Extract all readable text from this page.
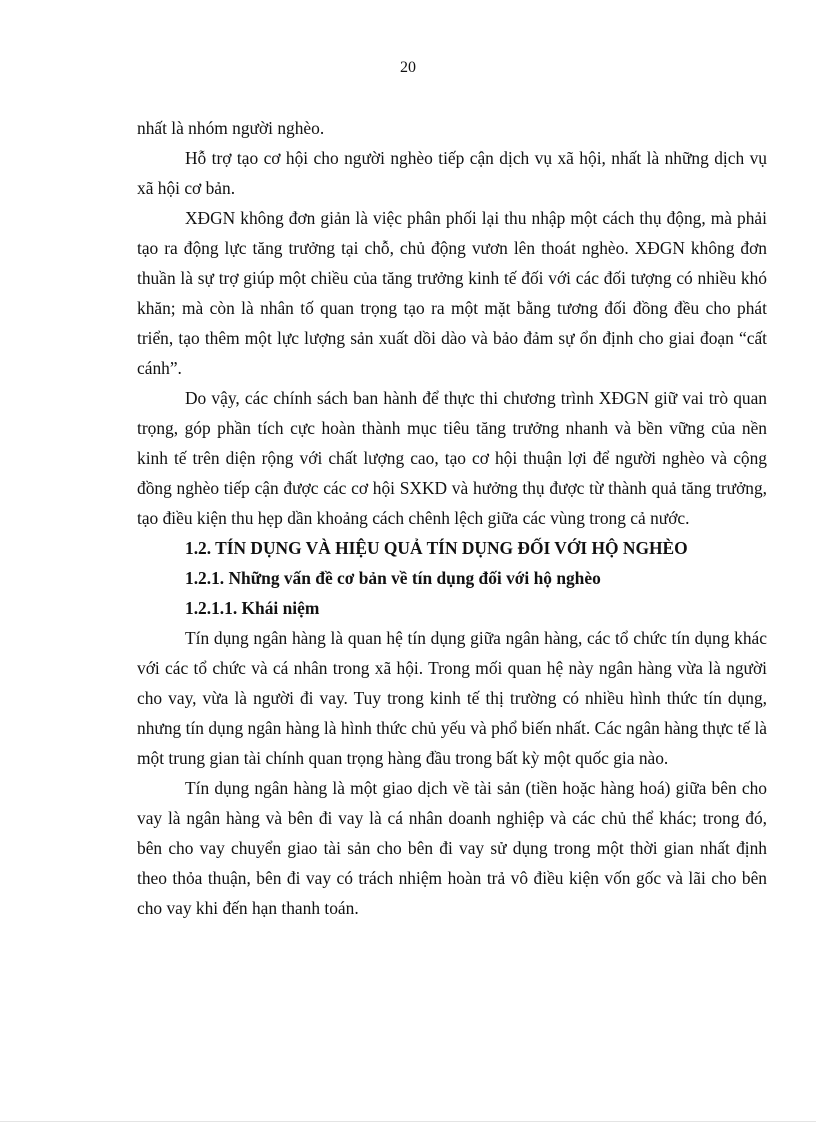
20

nhất là nhóm người nghèo.

Hỗ trợ tạo cơ hội cho người nghèo tiếp cận dịch vụ xã hội, nhất là những dịch vụ xã hội cơ bản.

XĐGN không đơn giản là việc phân phối lại thu nhập một cách thụ động, mà phải tạo ra động lực tăng trưởng tại chỗ, chủ động vươn lên thoát nghèo. XĐGN không đơn thuần là sự trợ giúp một chiều của tăng trưởng kinh tế đối với các đối tượng có nhiều khó khăn; mà còn là nhân tố quan trọng tạo ra một mặt bằng tương đối đồng đều cho phát triển, tạo thêm một lực lượng sản xuất dồi dào và bảo đảm sự ổn định cho giai đoạn “cất cánh”.

Do vậy, các chính sách ban hành để thực thi chương trình XĐGN giữ vai trò quan trọng, góp phần tích cực hoàn thành mục tiêu tăng trưởng nhanh và bền vững của nền kinh tế trên diện rộng với chất lượng cao, tạo cơ hội thuận lợi để người nghèo và cộng đồng nghèo tiếp cận được các cơ hội SXKD và hưởng thụ được từ thành quả tăng trưởng, tạo điều kiện thu hẹp dần khoảng cách chênh lệch giữa các vùng trong cả nước.

1.2. TÍN DỤNG VÀ HIỆU QUẢ TÍN DỤNG ĐỐI VỚI HỘ NGHÈO

1.2.1. Những vấn đề cơ bản về tín dụng đối với hộ nghèo

1.2.1.1. Khái niệm

Tín dụng ngân hàng là quan hệ tín dụng giữa ngân hàng, các tổ chức tín dụng khác với các tổ chức và cá nhân trong xã hội. Trong mối quan hệ này ngân hàng vừa là người cho vay, vừa là người đi vay. Tuy trong kinh tế thị trường có nhiều hình thức tín dụng, nhưng tín dụng ngân hàng là hình thức chủ yếu và phổ biến nhất. Các ngân hàng thực tế là một trung gian tài chính quan trọng hàng đầu trong bất kỳ một quốc gia nào.

Tín dụng ngân hàng là một giao dịch về tài sản (tiền hoặc hàng hoá) giữa bên cho vay là ngân hàng và bên đi vay là cá nhân doanh nghiệp và các chủ thể khác; trong đó, bên cho vay chuyển giao tài sản cho bên đi vay sử dụng trong một thời gian nhất định theo thỏa thuận, bên đi vay có trách nhiệm hoàn trả vô điều kiện vốn gốc và lãi cho bên cho vay khi đến hạn thanh toán.
